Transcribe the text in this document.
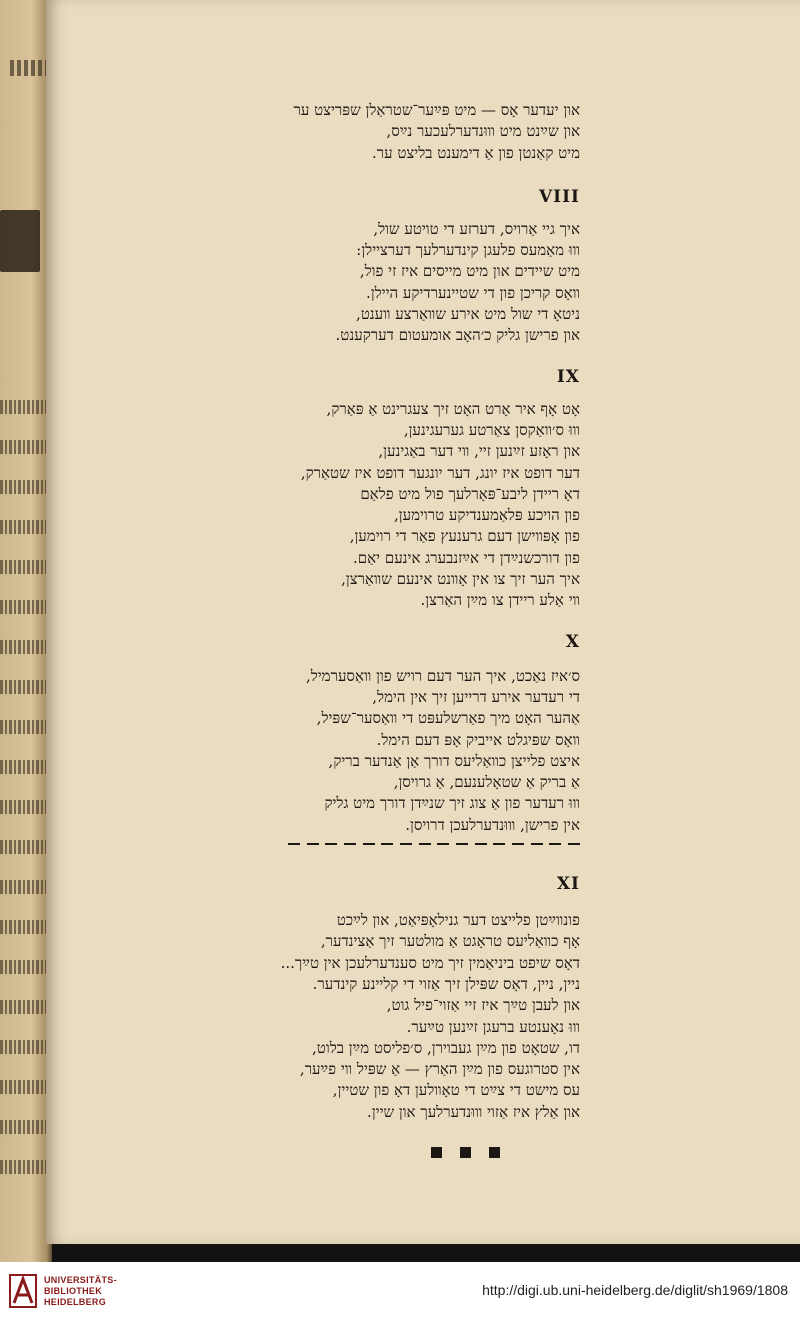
און יעדער אָס — מיט פּײַער־שטראַלן שפּריצט ער
און שײַנט מיט װוּנדערלעכער נײַס,
מיט קאַנטן פון אַ דימענט בליצט ער.
VIII
איך גיי אַרויס, דערזע די טויטע שול,
װוּ מאַמעס פלעגן קינדערלעך דערציילן:
מיט שיידים און מיט מייסים איז זי פול,
װאָס קריכן פון די שטיינערדיקע היילן.
ניטאָ די שול מיט אירע שװאַרצע װענט,
און פרישן גליק כ׳האָב אומעטום דערקענט.
IX
אָט אָף איר אָרט האָט זיך צעגרינט אַ פּאַרק,
װוּ ס׳װאַקסן צאַרטע גערעגינען,
און ראָזע זײַנען זיי, װי דער באַגינען,
דער דופט איז יונג, דער יונגער דופט איז שטאַרק,
דאָ ריידן ליבע־פּאָרלעך פול מיט פלאַם
פון הויכע פּלאַמענדיקע טרוימען,
פון אָפּװישן דעם גרענעץ פאַר די רוימען,
פון דורכשנײַדן די אײַזנבערג אינעם יאַם.
איך הער זיך צו אין אָװנט אינעם שװאַרצן,
װי אַלע ריידן צו מײַן האַרצן.
X
ס׳איז נאַכט, איך הער דעם רויש פון װאַסערמיל,
די רעדער אירע דרייען זיך אין הימל,
אַהער האָט מיך פאַרשלעפּט די װאַסער־שפּיל,
װאָס שפּיגלט אייביק אָפּ דעם הימל.
איצט פלייצן כװאַליעס דורך אַן אַנדער בריק,
אַ בריק אַ שטאָלענעם, אַ גרויסן,
װוּ רעדער פון אַ צוג זיך שנײַדן דורך מיט גליק
אין פרישן, װוּנדערלעכן דרויסן.
XI
פונװײַטן פלייצט דער גנילאָפּיאַט, און לײַכט
אָף כװאַליעס טראָגט אַ מולטער זיך אַצינדער,
דאָס שיפט ביניאַמין זיך מיט סענדערלעכן אין טײַך...
ניין, ניין, דאָס שפּילן זיך אַזוי די קליינע קינדער.
און לעבן טײַך איז זיי אַזוי־פיל גוט,
װוּ נאָענטע ברעגן זײַנען טײַער.
דו, שטאָט פון מײַן געבוירן, ס׳פליסט מײַן בלוט,
אין סטרוגעס פון מײַן האַרץ — אַ שפּיל װי פײַער,
עס מישט די צײַט די טאָװלען דאָ פון שטיין,
און אַלץ איז אַזוי װוּנדערלעך און שיין.
UNIVERSITÄTS-
BIBLIOTHEK
HEIDELBERG
http://digi.ub.uni-heidelberg.de/diglit/sh1969/1808
